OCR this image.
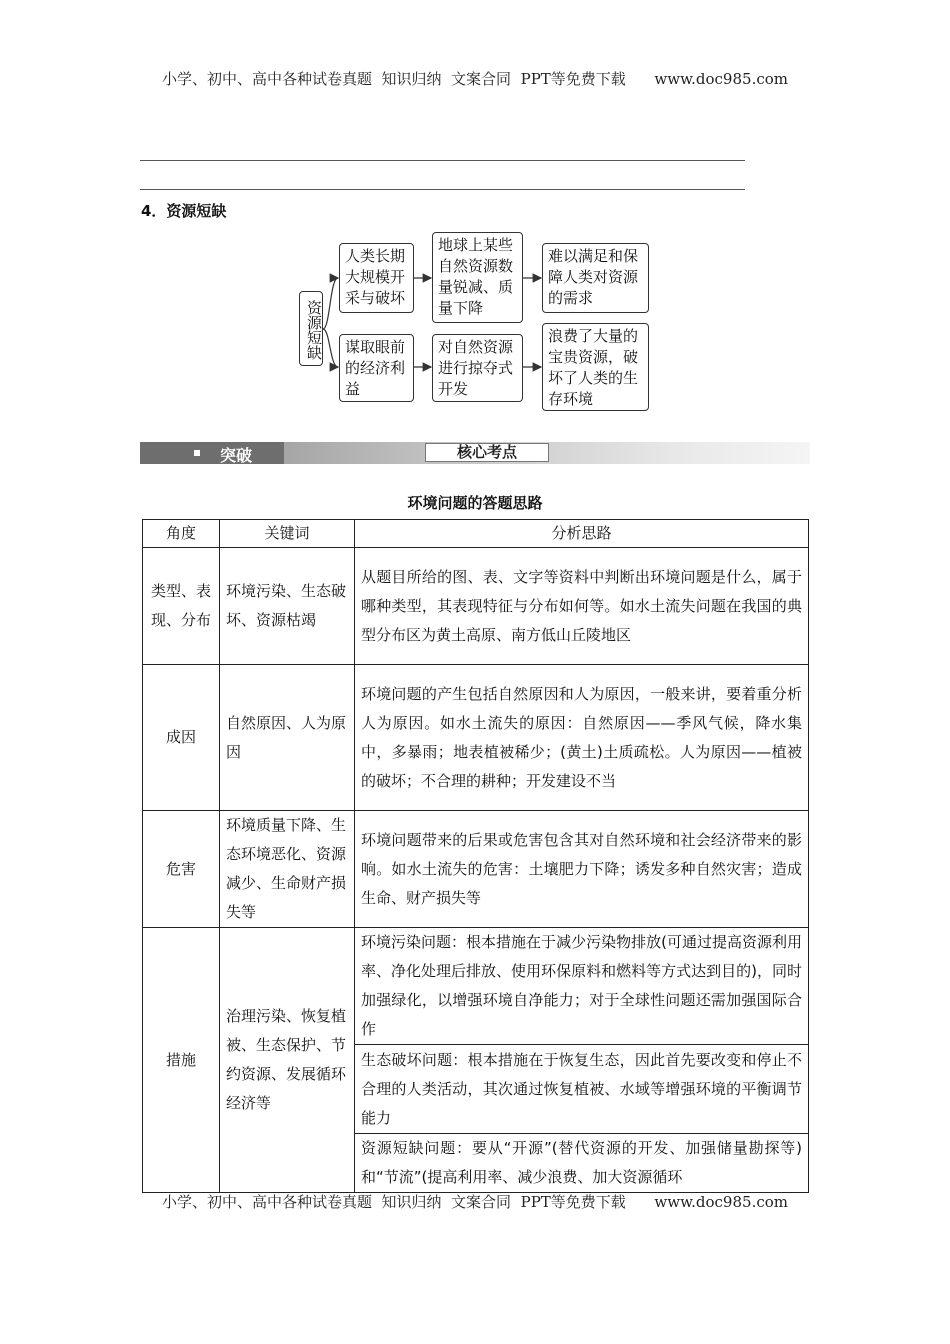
小学、初中、高中各种试卷真题  知识归纳  文案合同  PPT等免费下载      www.doc985.com
4．资源短缺
资源短缺
人类长期大规模开采与破坏
地球上某些自然资源数量锐减、质量下降
难以满足和保障人类对资源的需求
谋取眼前的经济利益
对自然资源进行掠夺式开发
浪费了大量的宝贵资源，破坏了人类的生存环境
突破	核心考点
环境问题的答题思路
角度	关键词	分析思路
类型、表现、分布	环境污染、生态破坏、资源枯竭	从题目所给的图、表、文字等资料中判断出环境问题是什么，属于哪种类型，其表现特征与分布如何等。如水土流失问题在我国的典型分布区为黄土高原、南方低山丘陵地区
成因	自然原因、人为原因	环境问题的产生包括自然原因和人为原因，一般来讲，要着重分析人为原因。如水土流失的原因：自然原因——季风气候，降水集中，多暴雨；地表植被稀少；(黄土)土质疏松。人为原因——植被的破坏；不合理的耕种；开发建设不当
危害	环境质量下降、生态环境恶化、资源减少、生命财产损失等	环境问题带来的后果或危害包含其对自然环境和社会经济带来的影响。如水土流失的危害：土壤肥力下降；诱发多种自然灾害；造成生命、财产损失等
措施	治理污染、恢复植被、生态保护、节约资源、发展循环经济等	环境污染问题：根本措施在于减少污染物排放(可通过提高资源利用率、净化处理后排放、使用环保原料和燃料等方式达到目的)，同时加强绿化，以增强环境自净能力；对于全球性问题还需加强国际合作
		生态破坏问题：根本措施在于恢复生态，因此首先要改变和停止不合理的人类活动，其次通过恢复植被、水域等增强环境的平衡调节能力
		资源短缺问题：要从“开源”(替代资源的开发、加强储量勘探等)和“节流”(提高利用率、减少浪费、加大资源循环
小学、初中、高中各种试卷真题  知识归纳  文案合同  PPT等免费下载      www.doc985.com
